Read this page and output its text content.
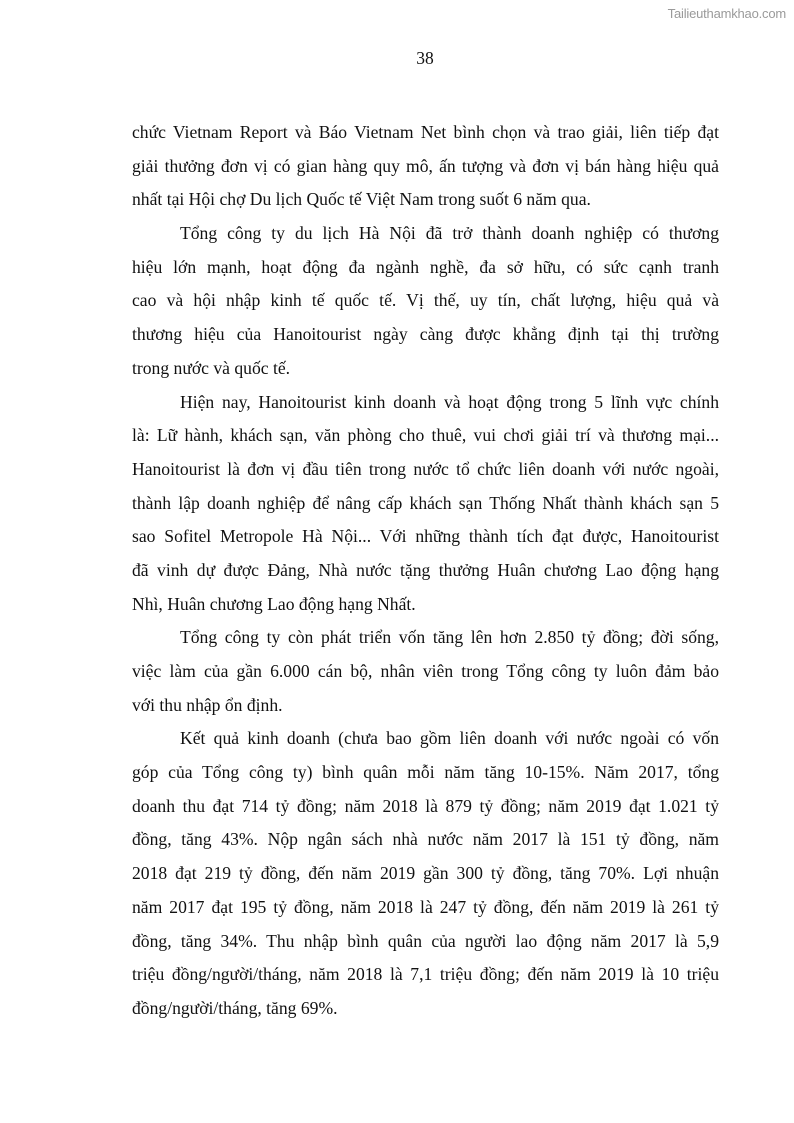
Tailieuthamkhao.com
38
chức Vietnam Report và Báo Vietnam Net bình chọn và trao giải, liên tiếp đạt
giải thưởng đơn vị có gian hàng quy mô, ấn tượng và đơn vị bán hàng hiệu quả
nhất tại Hội chợ Du lịch Quốc tế Việt Nam trong suốt 6 năm qua.
Tổng công ty du lịch Hà Nội đã trở thành doanh nghiệp có thương
hiệu lớn mạnh, hoạt động đa ngành nghề, đa sở hữu, có sức cạnh tranh
cao và hội nhập kinh tế quốc tế. Vị thế, uy tín, chất lượng, hiệu quả và
thương hiệu của Hanoitourist ngày càng được khẳng định tại thị trường
trong nước và quốc tế.
Hiện nay, Hanoitourist kinh doanh và hoạt động trong 5 lĩnh vực chính
là: Lữ hành, khách sạn, văn phòng cho thuê, vui chơi giải trí và thương mại...
Hanoitourist là đơn vị đầu tiên trong nước tổ chức liên doanh với nước ngoài,
thành lập doanh nghiệp để nâng cấp khách sạn Thống Nhất thành khách sạn 5
sao Sofitel Metropole Hà Nội... Với những thành tích đạt được, Hanoitourist
đã vinh dự được Đảng, Nhà nước tặng thưởng Huân chương Lao động hạng
Nhì, Huân chương Lao động hạng Nhất.
Tổng công ty còn phát triển vốn tăng lên hơn 2.850 tỷ đồng; đời sống,
việc làm của gần 6.000 cán bộ, nhân viên trong Tổng công ty luôn đảm bảo
với thu nhập ổn định.
Kết quả kinh doanh (chưa bao gồm liên doanh với nước ngoài có vốn
góp của Tổng công ty) bình quân mỗi năm tăng 10-15%. Năm 2017, tổng
doanh thu đạt 714 tỷ đồng; năm 2018 là 879 tỷ đồng; năm 2019 đạt 1.021 tỷ
đồng, tăng 43%. Nộp ngân sách nhà nước năm 2017 là 151 tỷ đồng, năm
2018 đạt 219 tỷ đồng, đến năm 2019 gần 300 tỷ đồng, tăng 70%. Lợi nhuận
năm 2017 đạt 195 tỷ đồng, năm 2018 là 247 tỷ đồng, đến năm 2019 là 261 tỷ
đồng, tăng 34%. Thu nhập bình quân của người lao động năm 2017 là 5,9
triệu đồng/người/tháng, năm 2018 là 7,1 triệu đồng; đến năm 2019 là 10 triệu
đồng/người/tháng, tăng 69%.
